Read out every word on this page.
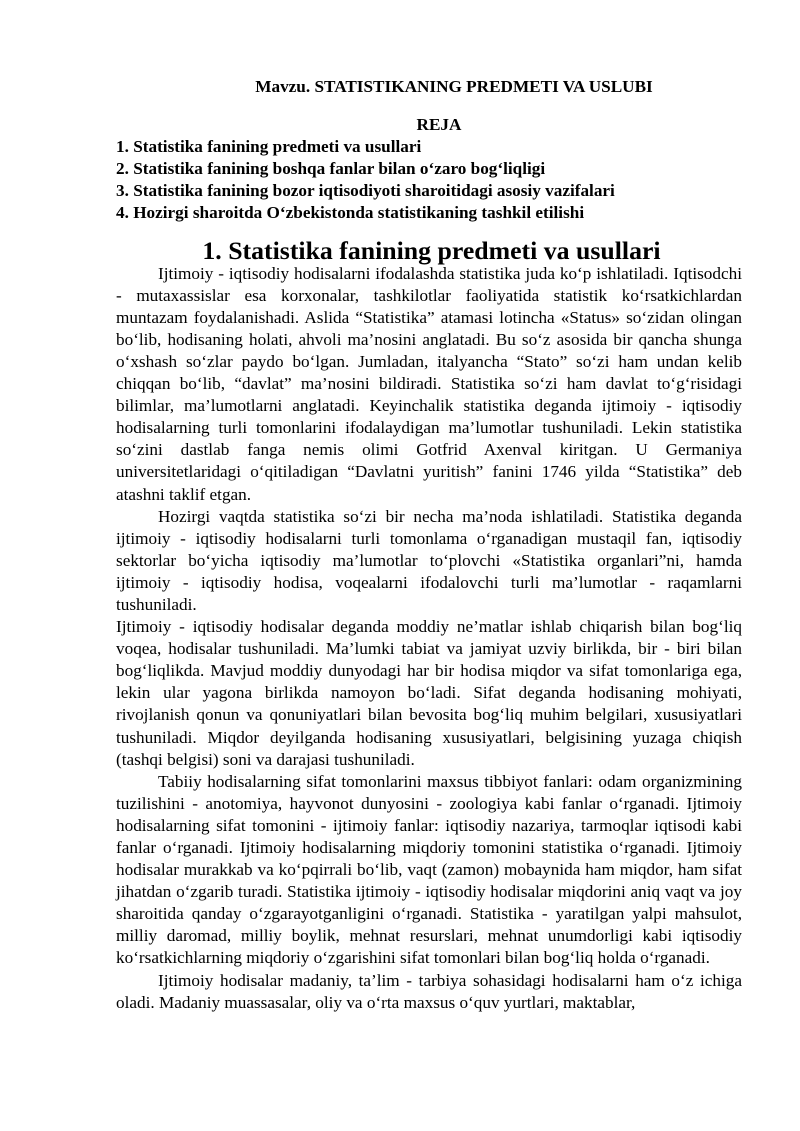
Mavzu. STATISTIKANING PREDMETI VA USLUBI
REJA
1. Statistika fanining predmeti va usullari
2. Statistika fanining boshqa fanlar bilan o‘zaro bog‘liqligi
3. Statistika fanining bozor iqtisodiyoti sharoitidagi asosiy vazifalari
4. Hozirgi sharoitda O‘zbekistonda statistikaning tashkil etilishi
1. Statistika fanining predmeti va usullari

Ijtimoiy - iqtisodiy hodisalarni ifodalashda statistika juda ko‘p ishlatiladi. Iqtisodchi - mutaxassislar esa korxonalar, tashkilotlar faoliyatida statistik ko‘rsatkichlardan muntazam foydalanishadi. Aslida “Statistika” atamasi lotincha «Status» so‘zidan olingan bo‘lib, hodisaning holati, ahvoli ma’nosini anglatadi. Bu so‘z asosida bir qancha shunga o‘xshash so‘zlar paydo bo‘lgan. Jumladan, italyancha “Stato” so‘zi ham undan kelib chiqqan bo‘lib, “davlat” ma’nosini bildiradi. Statistika so‘zi ham davlat to‘g‘risidagi bilimlar, ma’lumotlarni anglatadi. Keyinchalik statistika deganda ijtimoiy - iqtisodiy hodisalarning turli tomonlarini ifodalaydigan ma’lumotlar tushuniladi. Lekin statistika so‘zini dastlab fanga nemis olimi Gotfrid Axenval kiritgan. U Germaniya universitetlaridagi o‘qitiladigan “Davlatni yuritish” fanini 1746 yilda “Statistika” deb atashni taklif etgan.

Hozirgi vaqtda statistika so‘zi bir necha ma’noda ishlatiladi. Statistika deganda ijtimoiy - iqtisodiy hodisalarni turli tomonlama o‘rganadigan mustaqil fan, iqtisodiy sektorlar bo‘yicha iqtisodiy ma’lumotlar to‘plovchi «Statistika organlari”ni, hamda ijtimoiy - iqtisodiy hodisa, voqealarni ifodalovchi turli ma’lumotlar - raqamlarni tushuniladi.

Ijtimoiy - iqtisodiy hodisalar deganda moddiy ne’matlar ishlab chiqarish bilan bog‘liq voqea, hodisalar tushuniladi. Ma’lumki tabiat va jamiyat uzviy birlikda, bir - biri bilan bog‘liqlikda. Mavjud moddiy dunyodagi har bir hodisa miqdor va sifat tomonlariga ega, lekin ular yagona birlikda namoyon bo‘ladi. Sifat deganda hodisaning mohiyati, rivojlanish qonun va qonuniyatlari bilan bevosita bog‘liq muhim belgilari, xususiyatlari tushuniladi. Miqdor deyilganda hodisaning xususiyatlari, belgisining yuzaga chiqish (tashqi belgisi) soni va darajasi tushuniladi.

Tabiiy hodisalarning sifat tomonlarini maxsus tibbiyot fanlari: odam organizmining tuzilishini - anotomiya, hayvonot dunyosini - zoologiya kabi fanlar o‘rganadi. Ijtimoiy hodisalarning sifat tomonini - ijtimoiy fanlar: iqtisodiy nazariya, tarmoqlar iqtisodi kabi fanlar o‘rganadi. Ijtimoiy hodisalarning miqdoriy tomonini statistika o‘rganadi. Ijtimoiy hodisalar murakkab va ko‘pqirrali bo‘lib, vaqt (zamon) mobaynida ham miqdor, ham sifat jihatdan o‘zgarib turadi. Statistika ijtimoiy - iqtisodiy hodisalar miqdorini aniq vaqt va joy sharoitida qanday o‘zgarayotganligini o‘rganadi. Statistika - yaratilgan yalpi mahsulot, milliy daromad, milliy boylik, mehnat resurslari, mehnat unumdorligi kabi iqtisodiy ko‘rsatkichlarning miqdoriy o‘zgarishini sifat tomonlari bilan bog‘liq holda o‘rganadi.

Ijtimoiy hodisalar madaniy, ta’lim - tarbiya sohasidagi hodisalarni ham o‘z ichiga oladi. Madaniy muassasalar, oliy va o‘rta maxsus o‘quv yurtlari, maktablar,
